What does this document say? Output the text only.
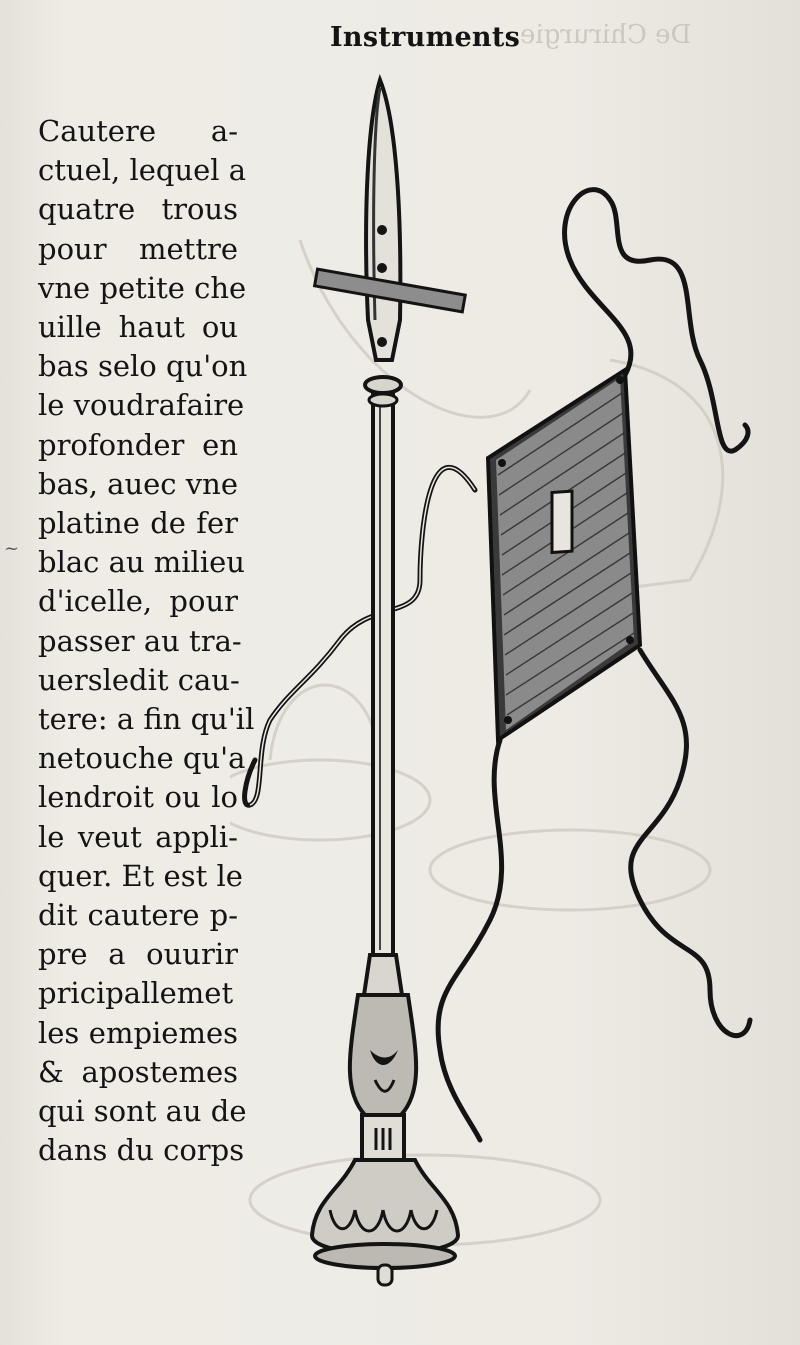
De Chirurgie
Instruments
~
Cautere a-
ctuel, lequel a
quatre trous
pour mettre
vne petite che
uille haut ou
bas selo qu'on
le voudrafaire
profonder en
bas, auec vne
platine de fer
blac au milieu
d'icelle, pour
passer au tra-
uersledit cau-
tere: a fin qu'il
netouche qu'a
lendroit ou lo
le veut appli-
quer. Et est le
dit cautere p-
pre a ouurir
pricipallemet
les empiemes
& apostemes
qui sont au de
dans du corps
